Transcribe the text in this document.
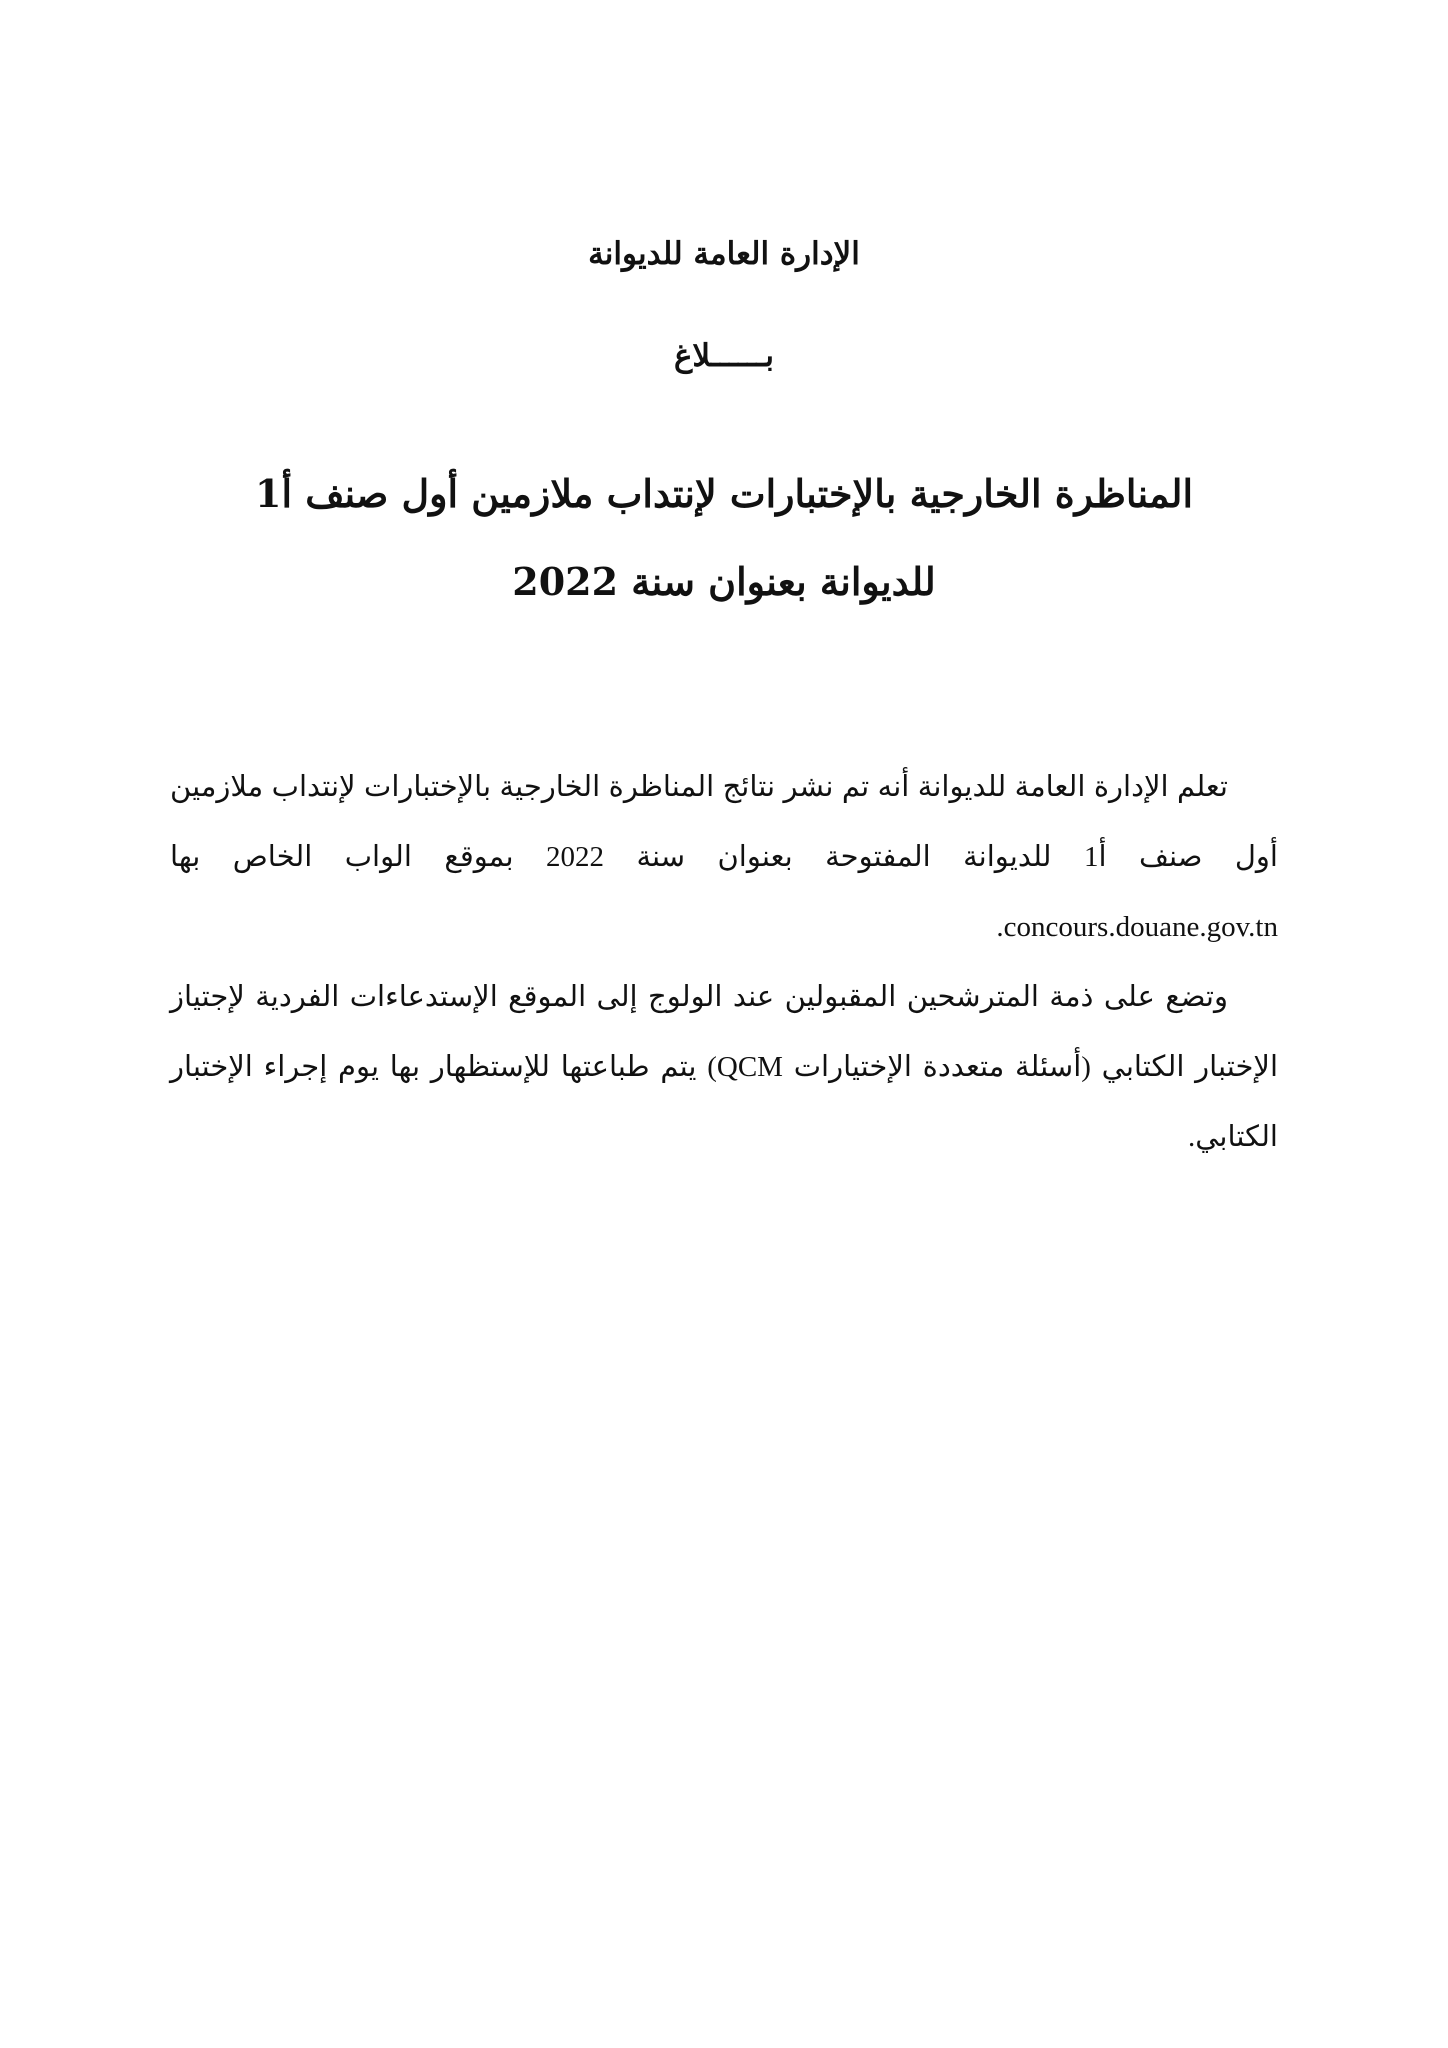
الإدارة العامة للديوانة
بــــــلاغ
المناظرة الخارجية بالإختبارات لإنتداب ملازمين أول صنف أ1
للديوانة بعنوان سنة 2022

تعلم الإدارة العامة للديوانة أنه تم نشر نتائج المناظرة الخارجية بالإختبارات لإنتداب ملازمين أول صنف أ1 للديوانة المفتوحة بعنوان سنة 2022 بموقع الواب الخاص بها concours.douane.gov.tn.

وتضع على ذمة المترشحين المقبولين عند الولوج إلى الموقع الإستدعاءات الفردية لإجتياز الإختبار الكتابي (أسئلة متعددة الإختيارات QCM) يتم طباعتها للإستظهار بها يوم إجراء الإختبار الكتابي.
